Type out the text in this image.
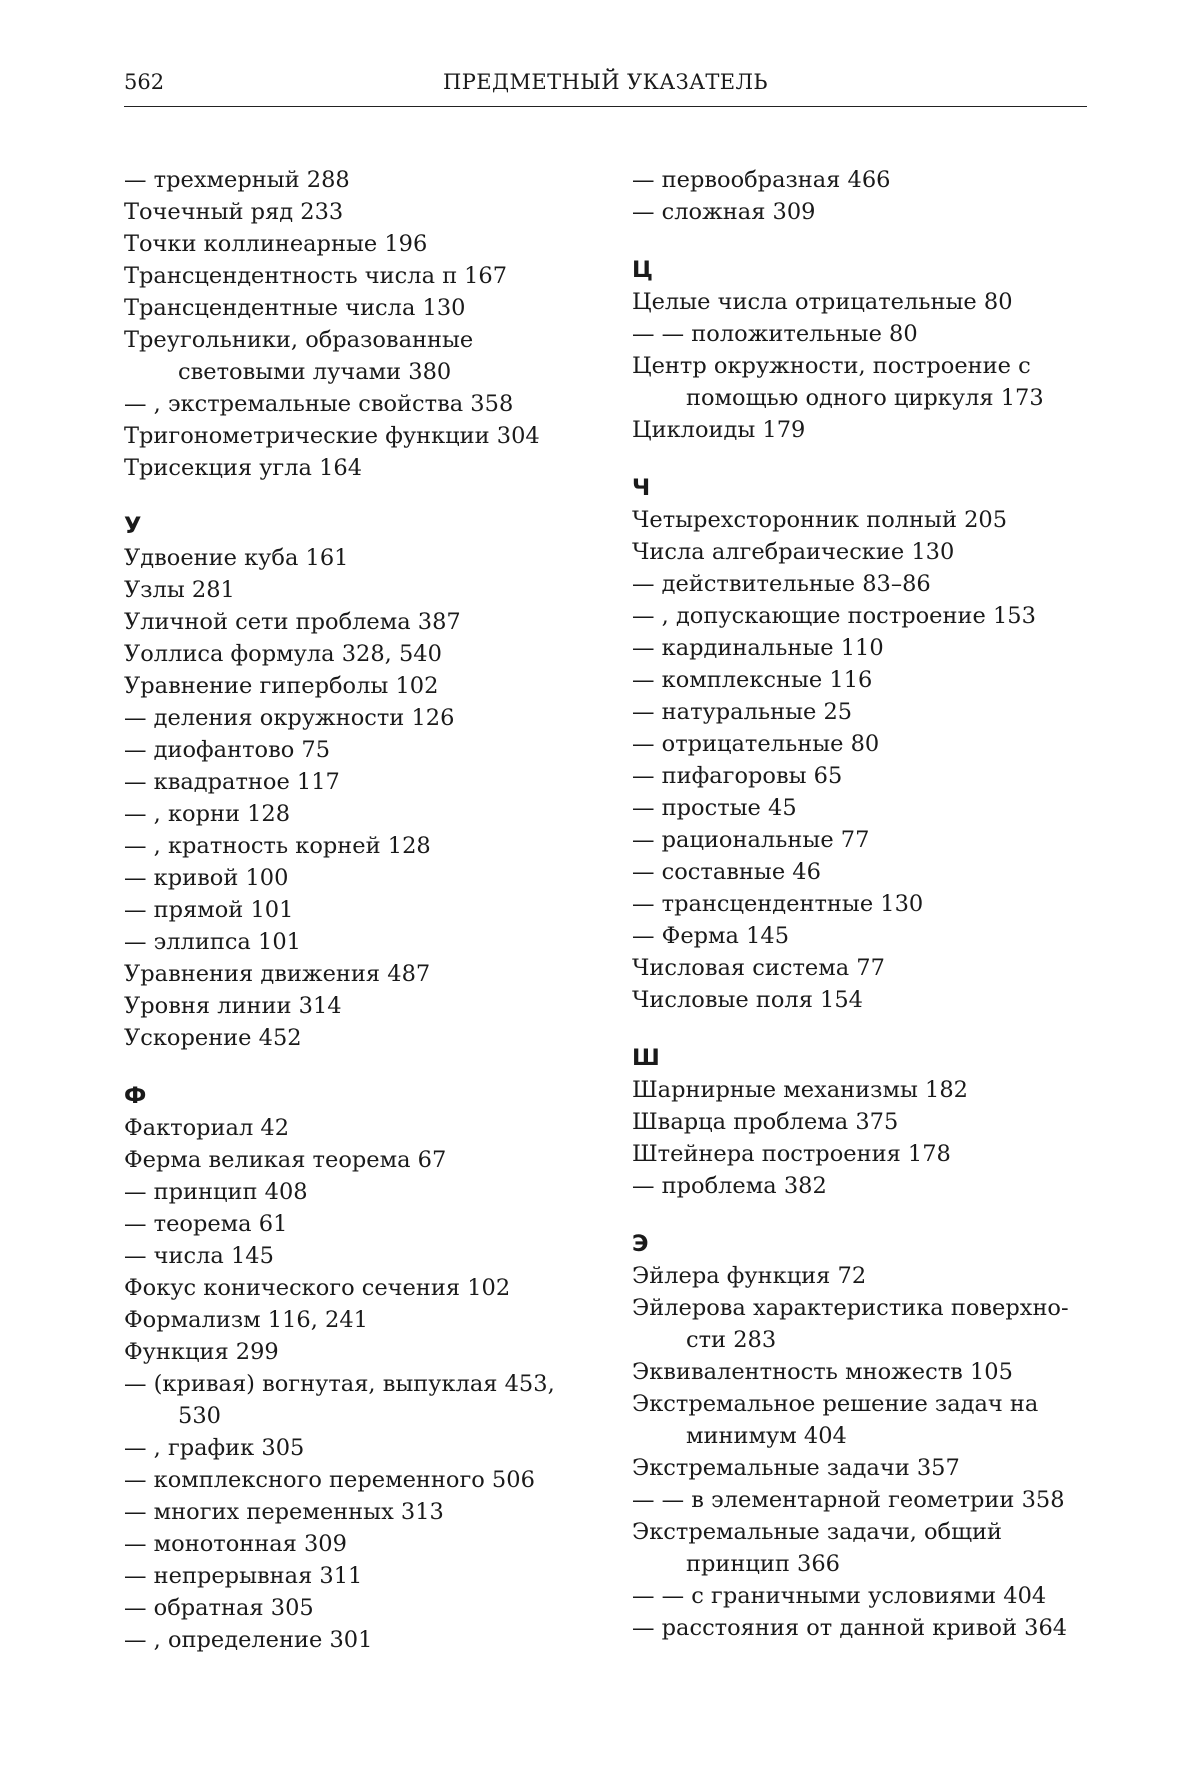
562	ПРЕДМЕТНЫЙ УКАЗАТЕЛЬ
— трехмерный 288
Точечный ряд 233
Точки коллинеарные 196
Трансцендентность числа π 167
Трансцендентные числа 130
Треугольники, образованные
световыми лучами 380
— , экстремальные свойства 358
Тригонометрические функции 304
Трисекция угла 164
У
Удвоение куба 161
Узлы 281
Уличной сети проблема 387
Уоллиса формула 328, 540
Уравнение гиперболы 102
— деления окружности 126
— диофантово 75
— квадратное 117
— , корни 128
— , кратность корней 128
— кривой 100
— прямой 101
— эллипса 101
Уравнения движения 487
Уровня линии 314
Ускорение 452
Ф
Факториал 42
Ферма великая теорема 67
— принцип 408
— теорема 61
— числа 145
Фокус конического сечения 102
Формализм 116, 241
Функция 299
— (кривая) вогнутая, выпуклая 453,
530
— , график 305
— комплексного переменного 506
— многих переменных 313
— монотонная 309
— непрерывная 311
— обратная 305
— , определение 301
— первообразная 466
— сложная 309
Ц
Целые числа отрицательные 80
— — положительные 80
Центр окружности, построение с
помощью одного циркуля 173
Циклоиды 179
Ч
Четырехсторонник полный 205
Числа алгебраические 130
— действительные 83–86
— , допускающие построение 153
— кардинальные 110
— комплексные 116
— натуральные 25
— отрицательные 80
— пифагоровы 65
— простые 45
— рациональные 77
— составные 46
— трансцендентные 130
— Ферма 145
Числовая система 77
Числовые поля 154
Ш
Шарнирные механизмы 182
Шварца проблема 375
Штейнера построения 178
— проблема 382
Э
Эйлера функция 72
Эйлерова характеристика поверхно-
сти 283
Эквивалентность множеств 105
Экстремальное решение задач на
минимум 404
Экстремальные задачи 357
— — в элементарной геометрии 358
Экстремальные задачи, общий
принцип 366
— — с граничными условиями 404
— расстояния от данной кривой 364
